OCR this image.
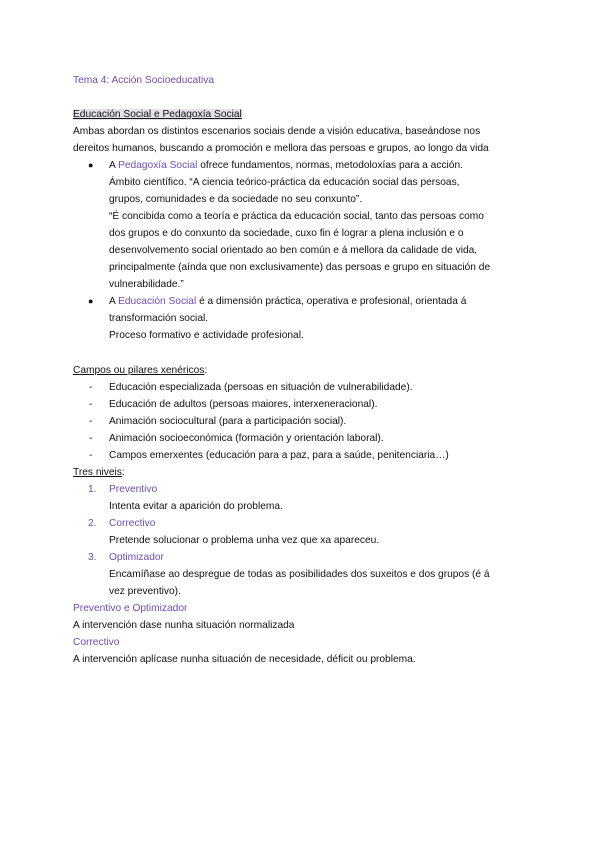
Tema 4: Acción Socioeducativa
Educación Social e Pedagoxía Social
Ambas abordan os distintos escenarios sociais dende a visión educativa, baseándose nos
dereitos humanos, buscando a promoción e mellora das persoas e grupos, ao longo da vida
● A Pedagoxía Social ofrece fundamentos, normas, metodoloxías para a acción.
Ámbito científico. “A ciencia teórico-práctica da educación social das persoas,
grupos, comunidades e da sociedade no seu conxunto”.
“É concibida como a teoría e práctica da educación social, tanto das persoas como
dos grupos e do conxunto da sociedade, cuxo fin é lograr a plena inclusión e o
desenvolvemento social orientado ao ben común e á mellora da calidade de vida,
principalmente (aínda que non exclusivamente) das persoas e grupo en situación de
vulnerabilidade.”
● A Educación Social é a dimensión práctica, operativa e profesional, orientada á
transformación social.
Proceso formativo e actividade profesional.
Campos ou pilares xenéricos:
- Educación especializada (persoas en situación de vulnerabilidade).
- Educación de adultos (persoas maiores, interxeneracional).
- Animación sociocultural (para a participación social).
- Animación socioeconómica (formación y orientación laboral).
- Campos emerxentes (educación para a paz, para a saúde, penitenciaria…)
Tres niveis:
1. Preventivo
Intenta evitar a aparición do problema.
2. Correctivo
Pretende solucionar o problema unha vez que xa apareceu.
3. Optimizador
Encamíñase ao despregue de todas as posibilidades dos suxeitos e dos grupos (é á
vez preventivo).
Preventivo e Optimizador
A intervención dase nunha situación normalizada
Correctivo
A intervención aplícase nunha situación de necesidade, déficit ou problema.
